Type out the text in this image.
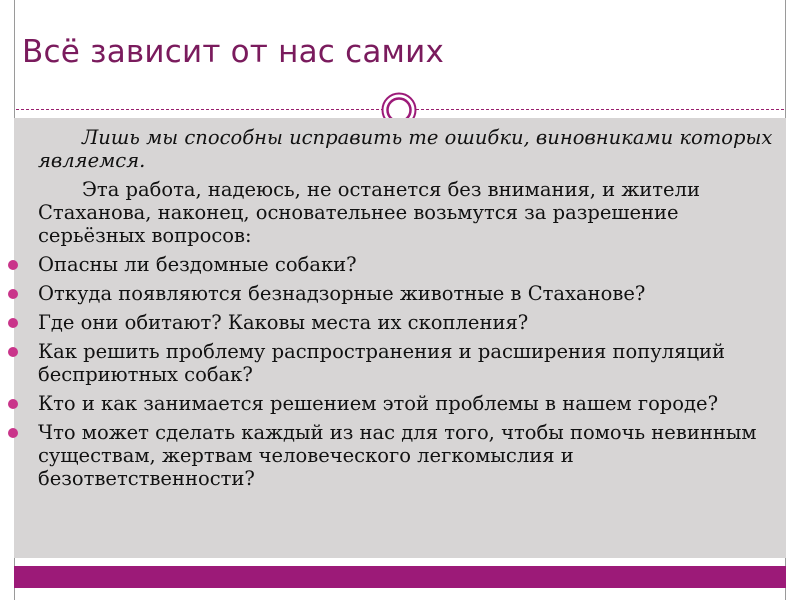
Всё зависит от нас самих

Лишь мы способны исправить те ошибки, виновниками которых являемся.

Эта работа, надеюсь, не останется без внимания, и жители Стаханова, наконец, основательнее возьмутся за разрешение серьёзных вопросов:

Опасны ли бездомные собаки?
Откуда появляются безнадзорные животные в Стаханове?
Где они обитают? Каковы места их скопления?
Как решить проблему распространения и расширения популяций бесприютных собак?
Кто и как занимается решением этой проблемы в нашем городе?
Что может сделать каждый из нас для того, чтобы помочь невинным существам, жертвам человеческого легкомыслия и безответственности?
